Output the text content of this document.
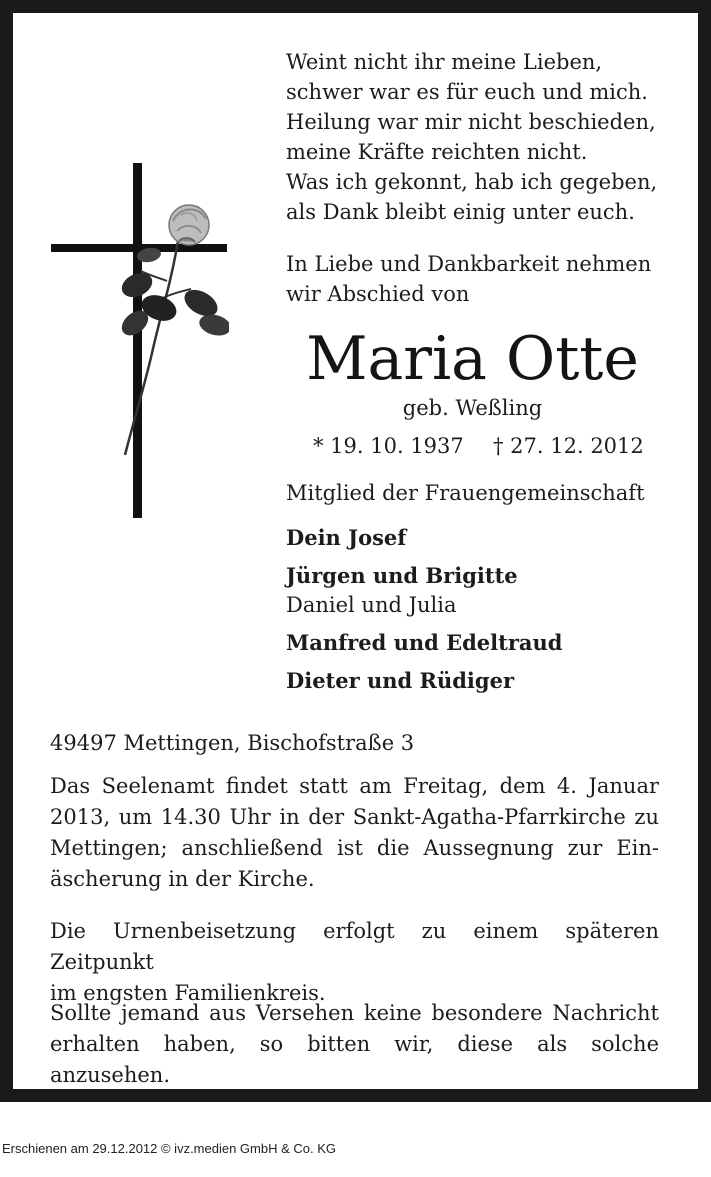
Weint nicht ihr meine Lieben,
schwer war es für euch und mich.
Heilung war mir nicht beschieden,
meine Kräfte reichten nicht.
Was ich gekonnt, hab ich gegeben,
als Dank bleibt einig unter euch.
In Liebe und Dankbarkeit nehmen
wir Abschied von
Maria Otte
geb. Weßling
* 19. 10. 1937 † 27. 12. 2012
Mitglied der Frauengemeinschaft
Dein Josef
Jürgen und Brigitte
Daniel und Julia
Manfred und Edeltraud
Dieter und Rüdiger
49497 Mettingen, Bischofstraße 3
Das Seelenamt findet statt am Freitag, dem 4. Januar
2013, um 14.30 Uhr in der Sankt-Agatha-Pfarrkirche zu
Mettingen; anschließend ist die Aussegnung zur Ein-
äscherung in der Kirche.
Die Urnenbeisetzung erfolgt zu einem späteren Zeitpunkt
im engsten Familienkreis.
Sollte jemand aus Versehen keine besondere Nachricht
erhalten haben, so bitten wir, diese als solche anzusehen.
Erschienen am 29.12.2012 © ivz.medien GmbH & Co. KG
